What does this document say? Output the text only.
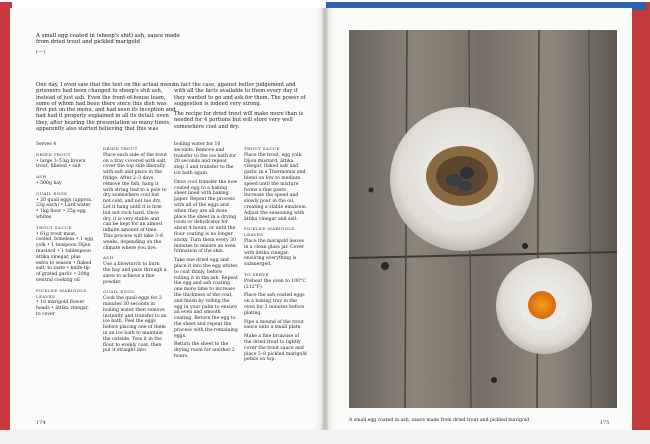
A small egg coated in (sheep's shit) ash, sauce made from dried trout and pickled marigold
(—)

One day, I even saw that the text on the actual menu prisoners had been changed to sheep's shit ash, instead of just ash. Even the front-of-house team, some of whom had been there since this dish was first put on the menu, and had seen its inception and had had it properly explained in all its detail: even they, after hearing the presentation so many times, apparently also started believing that this was

in fact the case, against better judgement and with all the facts available to them every day if they wanted to go and ask for them. The power of suggestion is indeed very strong.

The recipe for dried trout will make more than is needed for 4 portions but will store very well somewhere cool and dry.

Serves 4

DRIED TROUT

• large 3–5 kg brown trout, filleted • salt

ASH

• 500g hay

QUAIL EGGS

• 20 quail eggs (approx. 23g each) • Lard water • 1kg flour • 25g egg whites

TROUT SAUCE

• 61g trout meat, cooled, boneless • 1 egg yolk • 1 teaspoon Dijon mustard • 1 tablespoon ättika vinegar, plus extra to season • flaked salt, to taste • knife-tip of grated garlic • 200g neutral cooking oil

PICKLED MARIGOLD LEAVES

• 10 marigold flower heads • ättika vinegar, to cover

DRIED TROUT

Place each side of the trout on a tray covered with salt, cover the top side liberally with salt and place in the fridge. After 2–3 days, remove the fish, hang it with string tied to a pole to dry somewhere cool but not cold, and not too dry. Let it hang until it is firm but not rock hard. Once dry, it is very stable and can be kept for an almost infinite amount of time. This process will take 3–6 weeks, depending on the climate where you live.

ASH

Use a blowtorch to burn the hay and pass through a sieve to achieve a fine powder.

QUAIL EGGS

Cook the quail eggs for 2 minutes 30 seconds in boiling water then remove instantly and transfer to an ice bath. Peel the eggs before placing one of them in an ice bath to maintain the outside. Toss it in the flour to evenly coat, then put it straight into

boiling water for 10 seconds. Remove and transfer to the ice bath for 20 seconds and repeat step 3 and transfer to the ice bath again.

Once cool transfer the now coated egg to a baking sheet lined with baking paper. Repeat the process with all of the eggs and when they are all done place the sheet in a drying room or dehydrator for about 4 hours, or until the flour coating is no longer sticky. Turn them every 30 minutes to ensure an even formation of the skin.

Take one dried egg and place it into the egg whites to coat thinly, before rolling it in the ash. Repeat the egg and ash coating one more time to increase the thickness of the coat, and finish by rolling the egg in your palm to ensure an even and smooth coating. Return the egg to the sheet and repeat the process with the remaining eggs.

Return the sheet to the drying room for another 2 hours.

TROUT SAUCE

Place the trout, egg yolk, Dijon mustard, ättika vinegar, flaked salt and garlic in a Thermomix and blend on low to medium speed until the mixture forms a fine paste. Increase the speed and slowly pour in the oil, creating a stable emulsion. Adjust the seasoning with ättika vinegar and salt.

PICKLED MARIGOLD LEAVES

Place the marigold leaves in a clean glass jar. Cover with ättika vinegar, ensuring everything is submerged.

TO SERVE

Preheat the oven to 100°C (212°F).

Place the ash-coated eggs on a baking tray in the oven for 3 minutes before plating.

Pipe a mound of the trout sauce onto a small plate.

Make a fine brunoise of the dried trout to lightly cover the trout sauce and place 5–8 pickled marigold petals on top.

174	175
A small egg coated in ash, sauce made from dried trout and pickled marigold
